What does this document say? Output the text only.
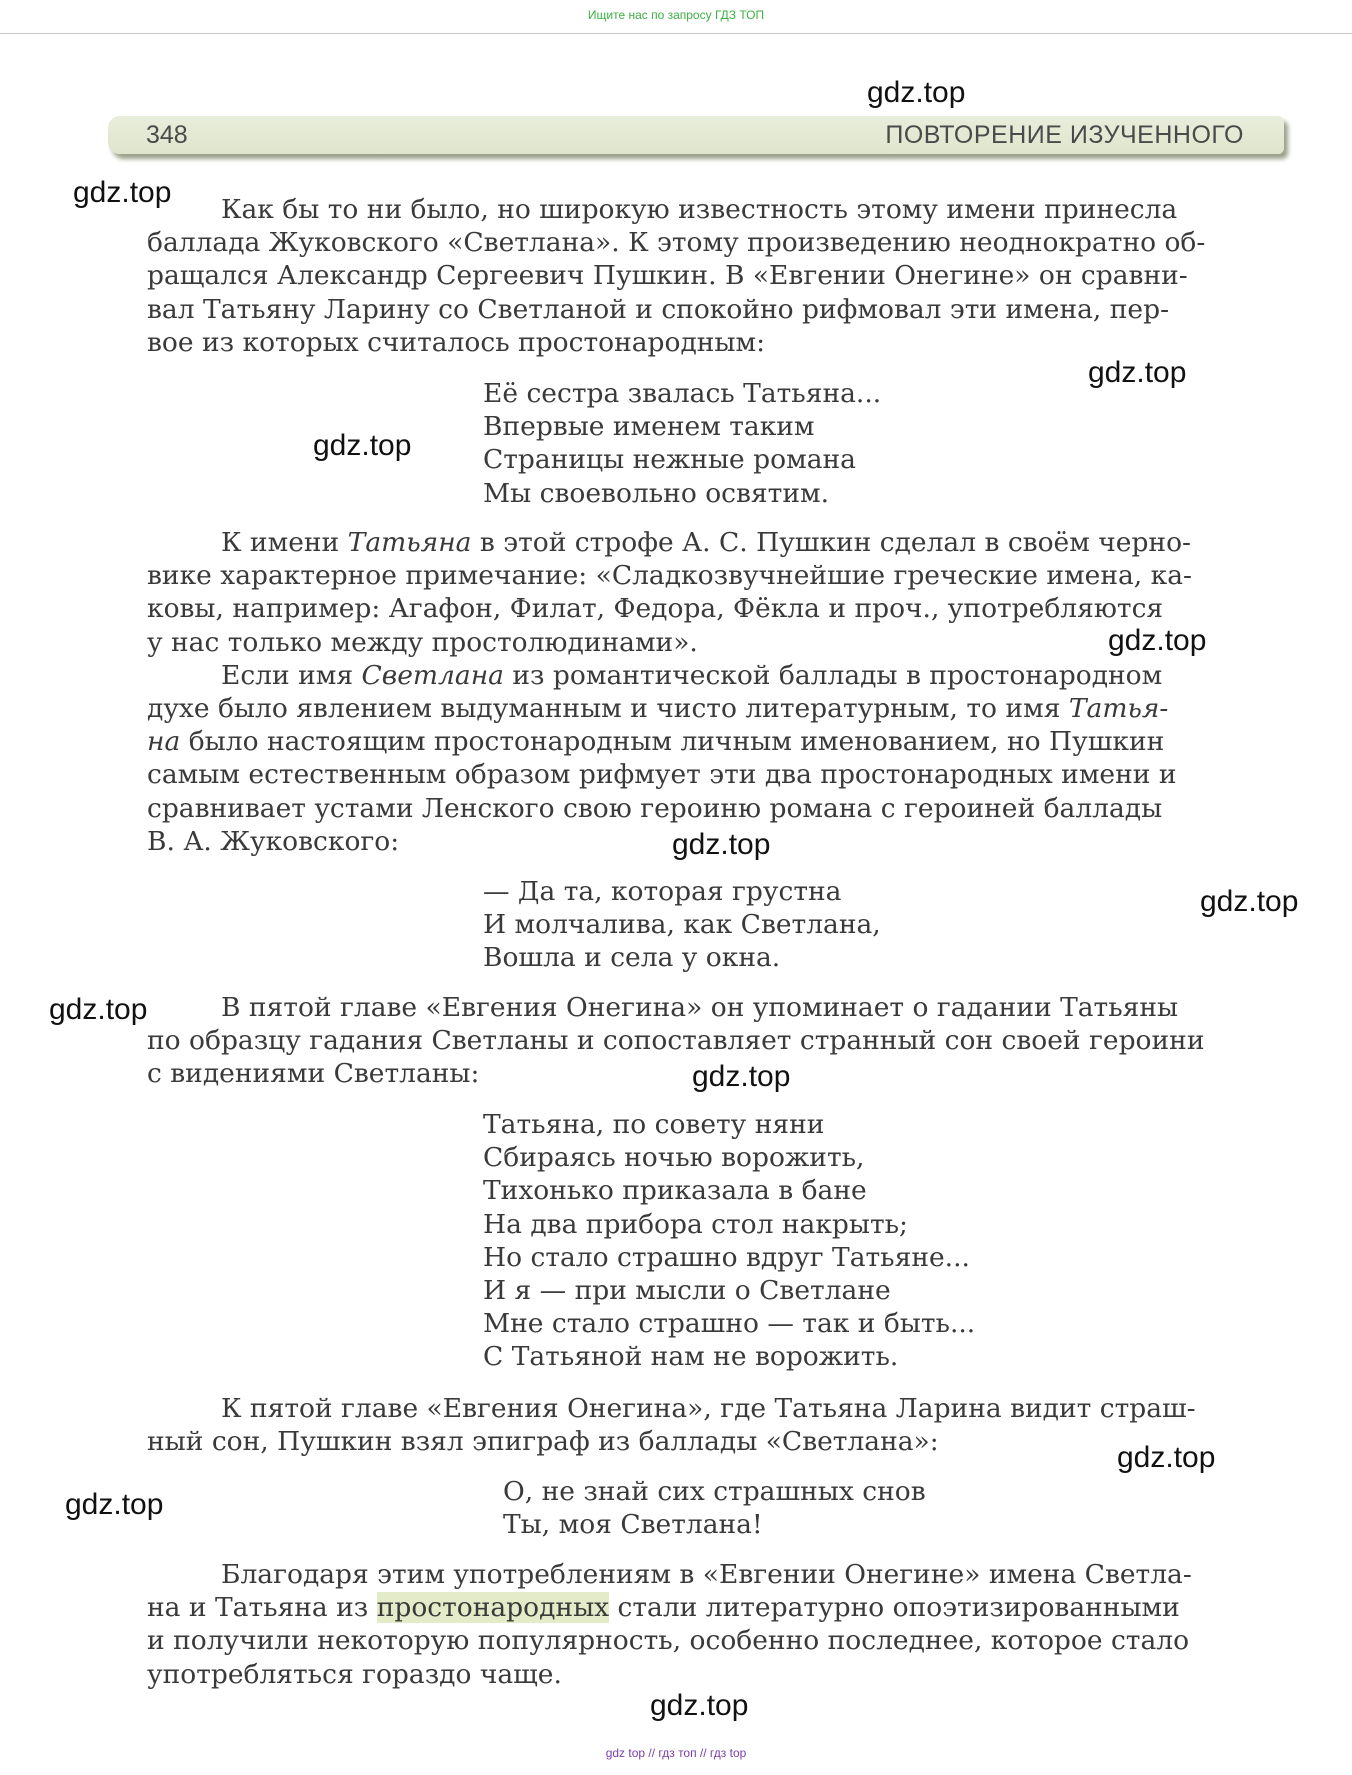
Ищите нас по запросу ГДЗ ТОП
348	ПОВТОРЕНИЕ ИЗУЧЕННОГО
Как бы то ни было, но широкую известность этому имени принесла
баллада Жуковского «Светлана». К этому произведению неоднократно об-
ращался Александр Сергеевич Пушкин. В «Евгении Онегине» он сравни-
вал Татьяну Ларину со Светланой и спокойно рифмовал эти имена, пер-
вое из которых считалось простонародным:
Её сестра звалась Татьяна...
Впервые именем таким
Страницы нежные романа
Мы своевольно освятим.
К имени Татьяна в этой строфе А. С. Пушкин сделал в своём черно-
вике характерное примечание: «Сладкозвучнейшие греческие имена, ка-
ковы, например: Агафон, Филат, Федора, Фёкла и проч., употребляются
у нас только между простолюдинами».
Если имя Светлана из романтической баллады в простонародном
духе было явлением выдуманным и чисто литературным, то имя Татья-
на было настоящим простонародным личным именованием, но Пушкин
самым естественным образом рифмует эти два простонародных имени и
сравнивает устами Ленского свою героиню романа с героиней баллады
В. А. Жуковского:
— Да та, которая грустна
И молчалива, как Светлана,
Вошла и села у окна.
В пятой главе «Евгения Онегина» он упоминает о гадании Татьяны
по образцу гадания Светланы и сопоставляет странный сон своей героини
с видениями Светланы:
Татьяна, по совету няни
Сбираясь ночью ворожить,
Тихонько приказала в бане
На два прибора стол накрыть;
Но стало страшно вдруг Татьяне...
И я — при мысли о Светлане
Мне стало страшно — так и быть...
С Татьяной нам не ворожить.
К пятой главе «Евгения Онегина», где Татьяна Ларина видит страш-
ный сон, Пушкин взял эпиграф из баллады «Светлана»:
О, не знай сих страшных снов
Ты, моя Светлана!
Благодаря этим употреблениям в «Евгении Онегине» имена Светла-
на и Татьяна из простонародных стали литературно опоэтизированными
и получили некоторую популярность, особенно последнее, которое стало
употребляться гораздо чаще.
gdz.top
gdz.top
gdz.top
gdz.top
gdz.top
gdz.top
gdz.top
gdz.top
gdz.top
gdz.top
gdz.top
gdz.top
gdz top // гдз топ // гдз top
